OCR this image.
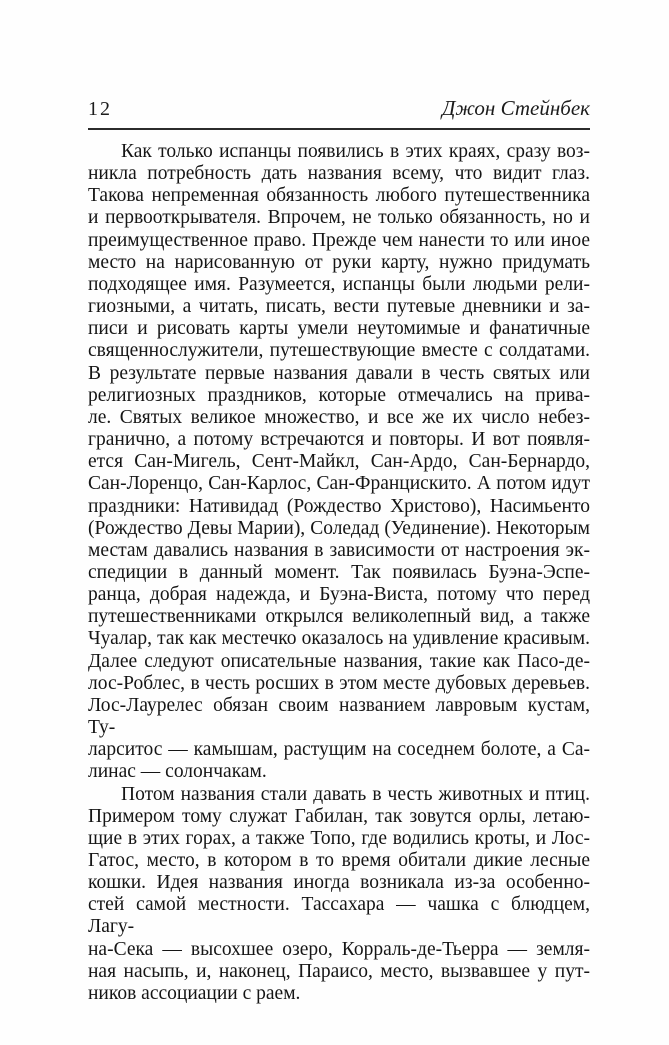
12	Джон Стейнбек
Как только испанцы появились в этих краях, сразу воз-
никла потребность дать названия всему, что видит глаз.
Такова непременная обязанность любого путешественника
и первооткрывателя. Впрочем, не только обязанность, но и
преимущественное право. Прежде чем нанести то или иное
место на нарисованную от руки карту, нужно придумать
подходящее имя. Разумеется, испанцы были людьми рели-
гиозными, а читать, писать, вести путевые дневники и за-
писи и рисовать карты умели неутомимые и фанатичные
священнослужители, путешествующие вместе с солдатами.
В результате первые названия давали в честь святых или
религиозных праздников, которые отмечались на прива-
ле. Святых великое множество, и все же их число небез-
гранично, а потому встречаются и повторы. И вот появля-
ется Сан-Мигель, Сент-Майкл, Сан-Ардо, Сан-Бернардо,
Сан-Лоренцо, Сан-Карлос, Сан-Францискито. А потом идут
праздники: Нативидад (Рождество Христово), Насимьенто
(Рождество Девы Марии), Соледад (Уединение). Некоторым
местам давались названия в зависимости от настроения эк-
спедиции в данный момент. Так появилась Буэна-Эспе-
ранца, добрая надежда, и Буэна-Виста, потому что перед
путешественниками открылся великолепный вид, а также
Чуалар, так как местечко оказалось на удивление красивым.
Далее следуют описательные названия, такие как Пасо-де-
лос-Роблес, в честь росших в этом месте дубовых деревьев.
Лос-Лаурелес обязан своим названием лавровым кустам, Ту-
ларситос — камышам, растущим на соседнем болоте, а Са-
линас — солончакам.
Потом названия стали давать в честь животных и птиц.
Примером тому служат Габилан, так зовутся орлы, летаю-
щие в этих горах, а также Топо, где водились кроты, и Лос-
Гатос, место, в котором в то время обитали дикие лесные
кошки. Идея названия иногда возникала из-за особенно-
стей самой местности. Тассахара — чашка с блюдцем, Лагу-
на-Сека — высохшее озеро, Корраль-де-Тьерра — земля-
ная насыпь, и, наконец, Параисо, место, вызвавшее у пут-
ников ассоциации с раем.
